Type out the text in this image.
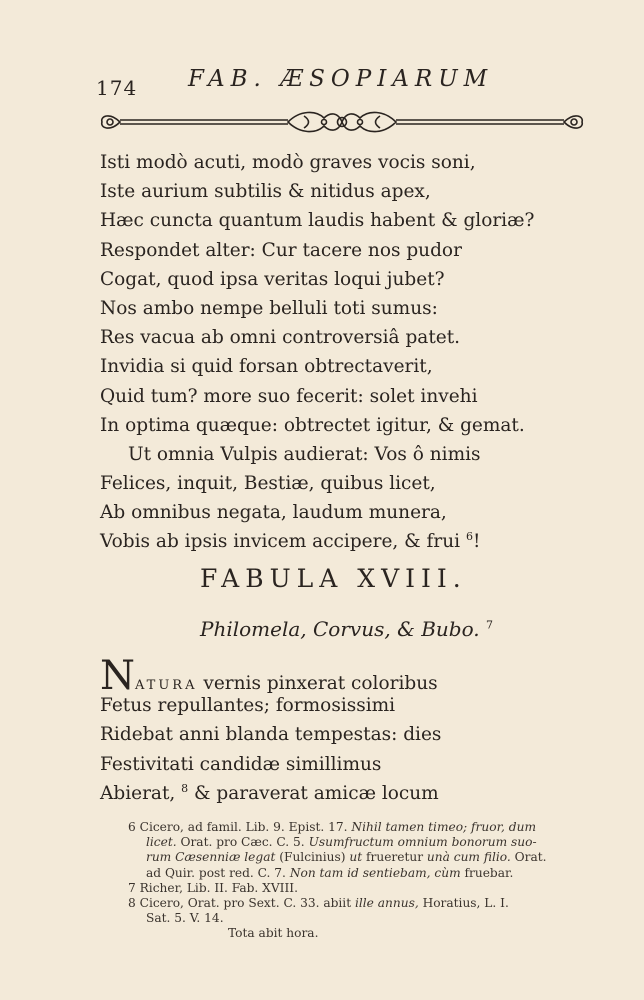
174 FAB. ÆSOPIARUM
Isti modò acuti, modò graves vocis soni,
Iste aurium subtilis & nitidus apex,
Hæc cuncta quantum laudis habent & gloriæ?
Respondet alter: Cur tacere nos pudor
Cogat, quod ipsa veritas loqui jubet?
Nos ambo nempe belluli toti sumus:
Res vacua ab omni controversiâ patet.
Invidia si quid forsan obtrectaverit,
Quid tum? more suo fecerit: solet invehi
In optima quæque: obtrectet igitur, & gemat.
Ut omnia Vulpis audierat: Vos ô nimis
Felices, inquit, Bestiæ, quibus licet,
Ab omnibus negata, laudum munera,
Vobis ab ipsis invicem accipere, & frui $^6$!
FABULA XVIII.
Philomela, Corvus, & Bubo. $^7$
NATURA vernis pinxerat coloribus
Fetus repullantes; formosissimi
Ridebat anni blanda tempestas: dies
Festivitati candidæ simillimus
Abierat, $^8$ & paraverat amicæ locum
6 Cicero, ad famil. Lib. 9. Epist. 17. Nihil tamen timeo; fruor, dum
licet. Orat. pro Cæc. C. 5. Usumfructum omnium bonorum suo-
rum Cæsenniæ legat (Fulcinius) ut frueretur unà cum filio. Orat.
ad Quir. post red. C. 7. Non tam id sentiebam, cùm fruebar.
7 Richer, Lib. II. Fab. XVIII.
8 Cicero, Orat. pro Sext. C. 33. abiit ille annus, Horatius, L. I.
Sat. 5. V. 14.
Tota abit hora.
